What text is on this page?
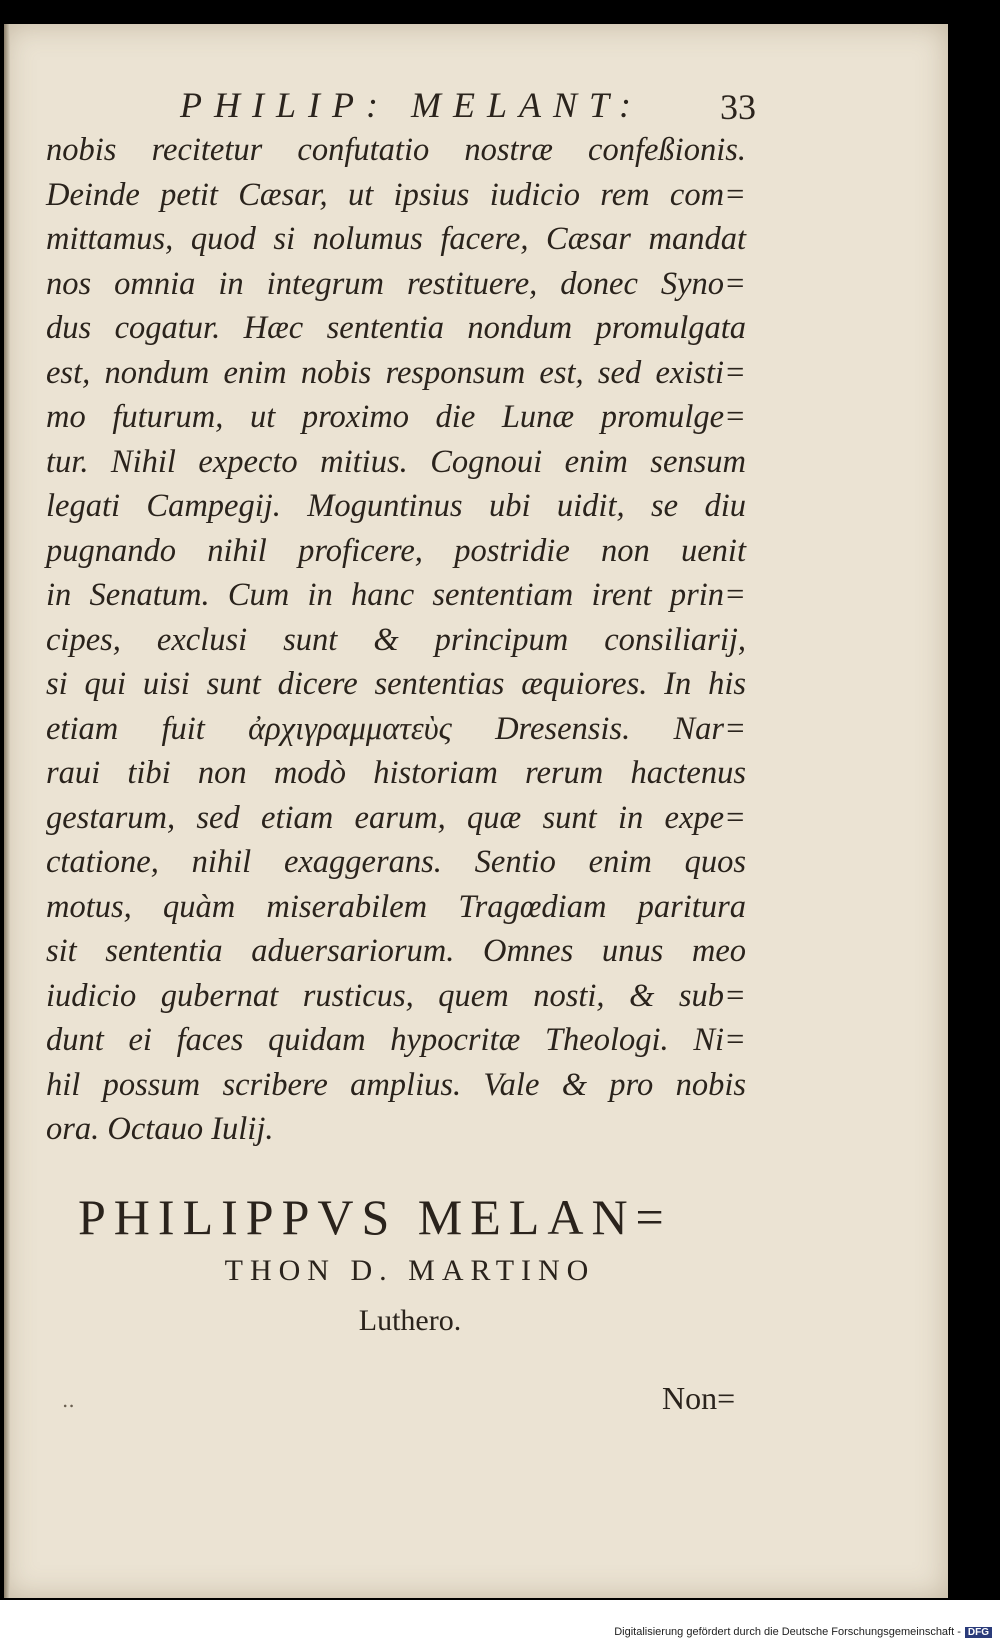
PHILIP: MELANT: 33
nobis recitetur confutatio nostræ confeßionis.
Deinde petit Cæsar, ut ipsius iudicio rem com=
mittamus, quod si nolumus facere, Cæsar mandat
nos omnia in integrum restituere, donec Syno=
dus cogatur. Hæc sententia nondum promulgata
est, nondum enim nobis responsum est, sed existi=
mo futurum, ut proximo die Lunæ promulge=
tur. Nihil expecto mitius. Cognoui enim sensum
legati Campegij. Moguntinus ubi uidit, se diu
pugnando nihil proficere, postridie non uenit
in Senatum. Cum in hanc sententiam irent prin=
cipes, exclusi sunt & principum consiliarij,
si qui uisi sunt dicere sententias æquiores. In his
etiam fuit ἀρχιγραμματεὺς Dresensis. Nar=
raui tibi non modò historiam rerum hactenus
gestarum, sed etiam earum, quæ sunt in expe=
ctatione, nihil exaggerans. Sentio enim quos
motus, quàm miserabilem Tragœdiam paritura
sit sententia aduersariorum. Omnes unus meo
iudicio gubernat rusticus, quem nosti, & sub=
dunt ei faces quidam hypocritæ Theologi. Ni=
hil possum scribere amplius. Vale & pro nobis
ora. Octauo Iulij.
PHILIPPVS MELAN=
THON D. MARTINO
Luthero.
..	Non=
Digitalisierung gefördert durch die Deutsche Forschungsgemeinschaft - DFG
